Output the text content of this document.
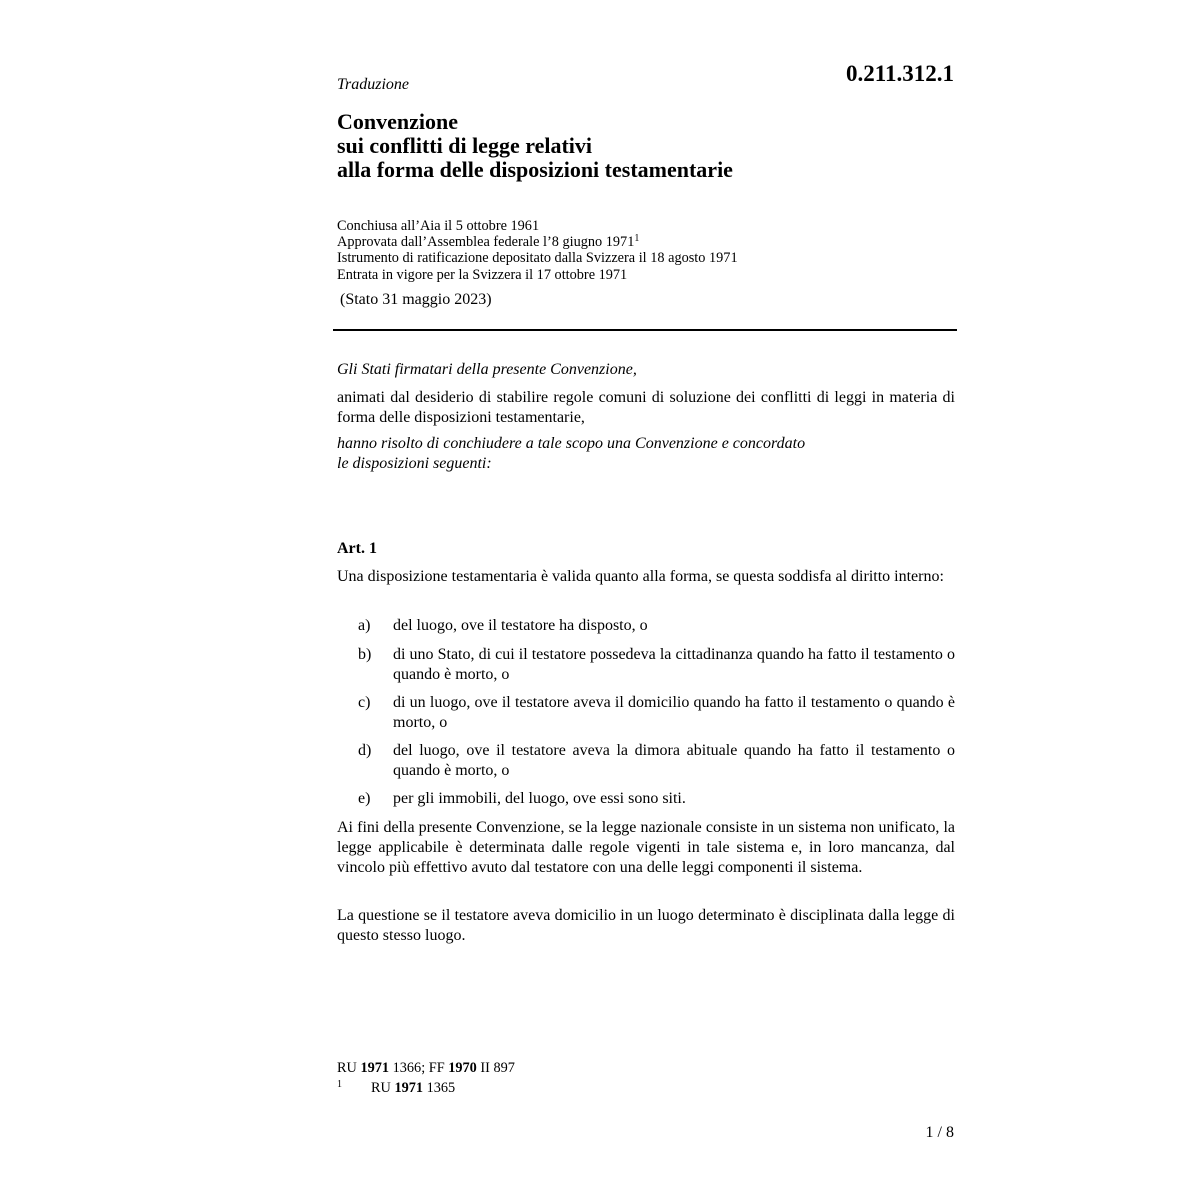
0.211.312.1
Traduzione
Convenzione
sui conflitti di legge relativi
alla forma delle disposizioni testamentarie
Conchiusa all’Aia il 5 ottobre 1961
Approvata dall’Assemblea federale l’8 giugno 1971$^1$
Istrumento di ratificazione depositato dalla Svizzera il 18 agosto 1971
Entrata in vigore per la Svizzera il 17 ottobre 1971
(Stato 31 maggio 2023)
Gli Stati firmatari della presente Convenzione,
animati dal desiderio di stabilire regole comuni di soluzione dei conflitti di leggi in materia di forma delle disposizioni testamentarie,
hanno risolto di conchiudere a tale scopo una Convenzione e concordato
le disposizioni seguenti:
Art. 1
Una disposizione testamentaria è valida quanto alla forma, se questa soddisfa al diritto interno:
a) del luogo, ove il testatore ha disposto, o
b) di uno Stato, di cui il testatore possedeva la cittadinanza quando ha fatto il testamento o quando è morto, o
c) di un luogo, ove il testatore aveva il domicilio quando ha fatto il testamento o quando è morto, o
d) del luogo, ove il testatore aveva la dimora abituale quando ha fatto il testamento o quando è morto, o
e) per gli immobili, del luogo, ove essi sono siti.
Ai fini della presente Convenzione, se la legge nazionale consiste in un sistema non unificato, la legge applicabile è determinata dalle regole vigenti in tale sistema e, in loro mancanza, dal vincolo più effettivo avuto dal testatore con una delle leggi componenti il sistema.
La questione se il testatore aveva domicilio in un luogo determinato è disciplinata dalla legge di questo stesso luogo.
RU 1971 1366; FF 1970 II 897
1 RU 1971 1365
1 / 8
